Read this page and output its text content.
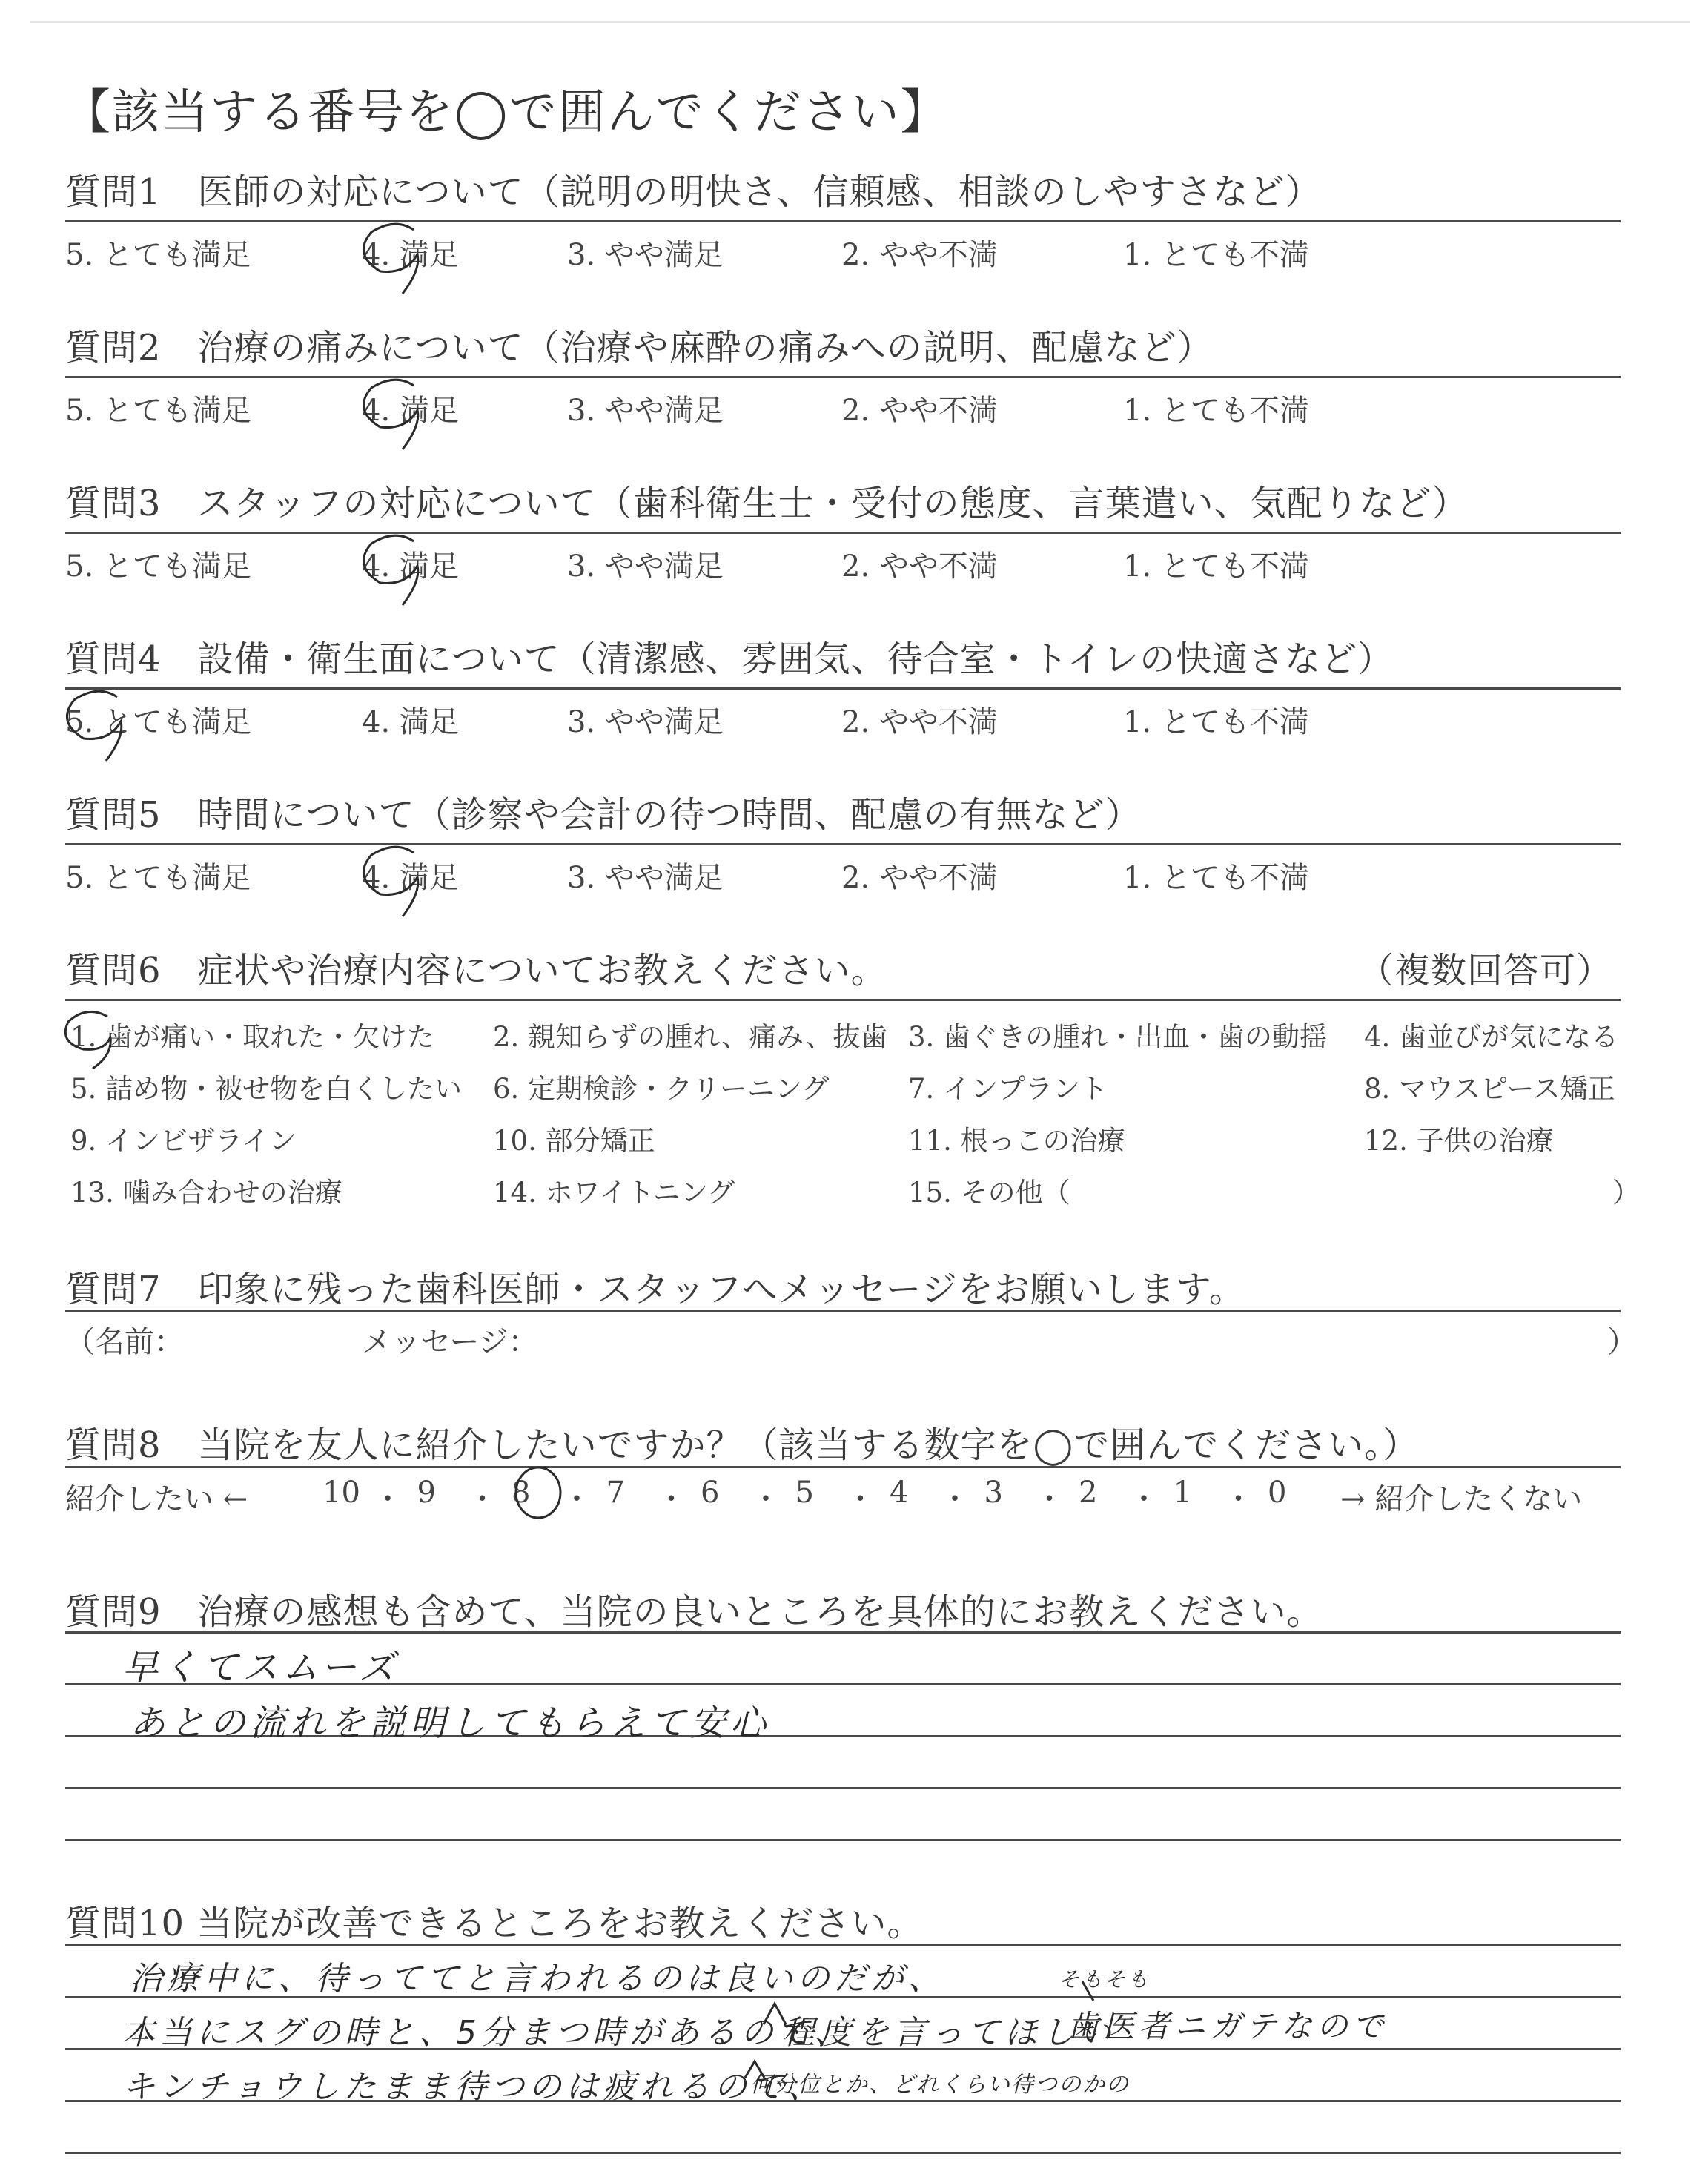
【該当する番号を◯で囲んでください】
質問1　医師の対応について（説明の明快さ、信頼感、相談のしやすさなど）
5. とても満足	4. 満足	3. やや満足	2. やや不満	1. とても不満
質問2　治療の痛みについて（治療や麻酔の痛みへの説明、配慮など）
5. とても満足	4. 満足	3. やや満足	2. やや不満	1. とても不満
質問3　スタッフの対応について（歯科衛生士・受付の態度、言葉遣い、気配りなど）
5. とても満足	4. 満足	3. やや満足	2. やや不満	1. とても不満
質問4　設備・衛生面について（清潔感、雰囲気、待合室・トイレの快適さなど）
5. とても満足	4. 満足	3. やや満足	2. やや不満	1. とても不満
質問5　時間について（診察や会計の待つ時間、配慮の有無など）
5. とても満足	4. 満足	3. やや満足	2. やや不満	1. とても不満
質問6　症状や治療内容についてお教えください。	（複数回答可）
1. 歯が痛い・取れた・欠けた 2. 親知らずの腫れ、痛み、抜歯 3. 歯ぐきの腫れ・出血・歯の動揺 4. 歯並びが気になる
5. 詰め物・被せ物を白くしたい 6. 定期検診・クリーニング	7. インプラント	8. マウスピース矯正
9. インビザライン	10. 部分矯正	11. 根っこの治療	12. 子供の治療
13. 噛み合わせの治療	14. ホワイトニング	15. その他（	）
質問7　印象に残った歯科医師・スタッフへメッセージをお願いします。
（名前：	メッセージ：	）
質問8　当院を友人に紹介したいですか？（該当する数字を◯で囲んでください。）
紹介したい ←	→ 紹介したくない
10 ・ 9 ・ 8 ・ 7 ・ 6 ・ 5 ・ 4 ・ 3 ・ 2 ・ 1 ・ 0
質問9　治療の感想も含めて、当院の良いところを具体的にお教えください。
早くてスムーズ
あとの流れを説明してもらえて安心
質問10 当院が改善できるところをお教えください。
治療中に、待っててと言われるのは良いのだが、
本当にスグの時と、5分まつ時があるので、
程度を言ってほしい
歯医者ニガテなので
そもそも
キンチョウしたまま待つのは疲れるので、
何分位とか、どれくらい待つのかの
